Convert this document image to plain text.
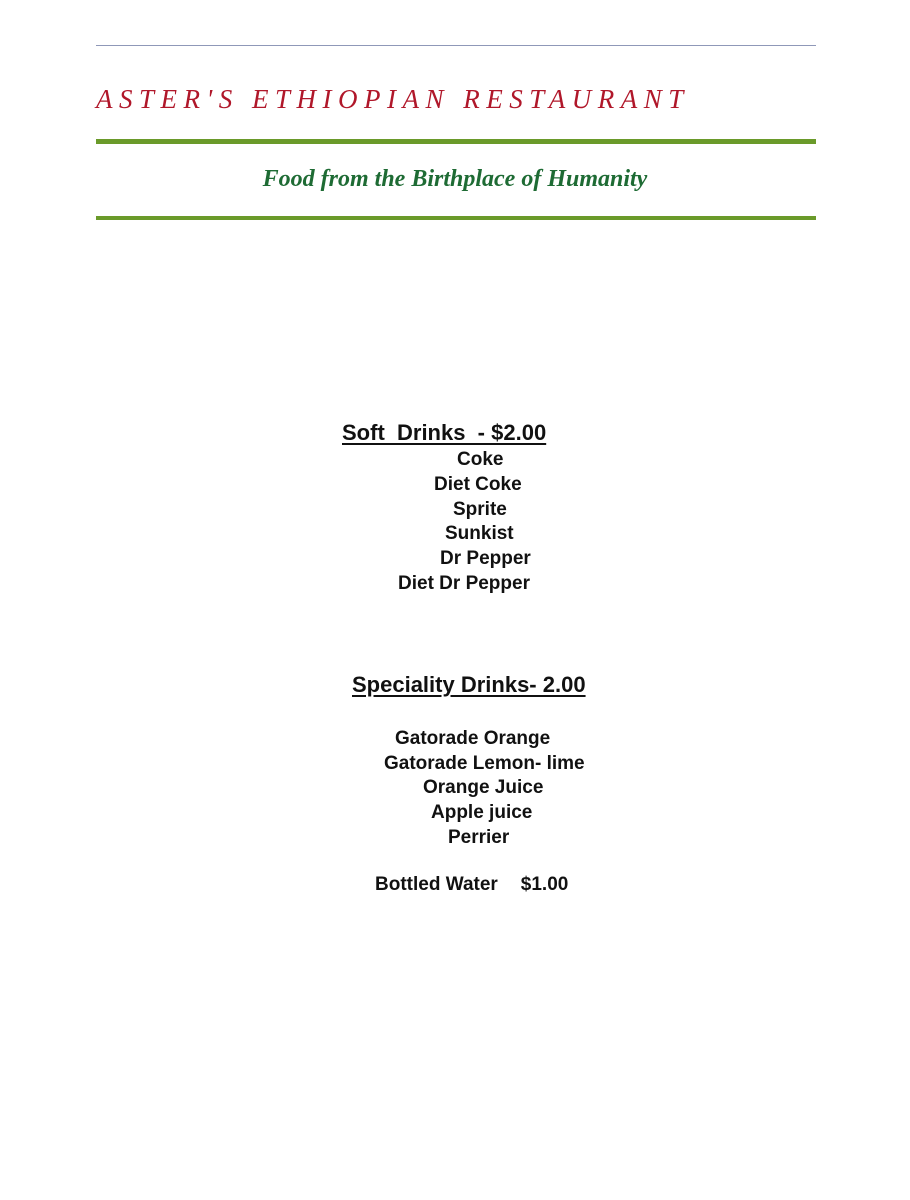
ASTER'S ETHIOPIAN RESTAURANT

Food from the Birthplace of Humanity

Soft  Drinks  - $2.00

Coke

Diet Coke

Sprite

Sunkist

Dr Pepper

Diet Dr Pepper

Speciality Drinks- 2.00

Gatorade Orange

Gatorade Lemon- lime

Orange Juice

Apple juice

Perrier

Bottled Water $1.00
